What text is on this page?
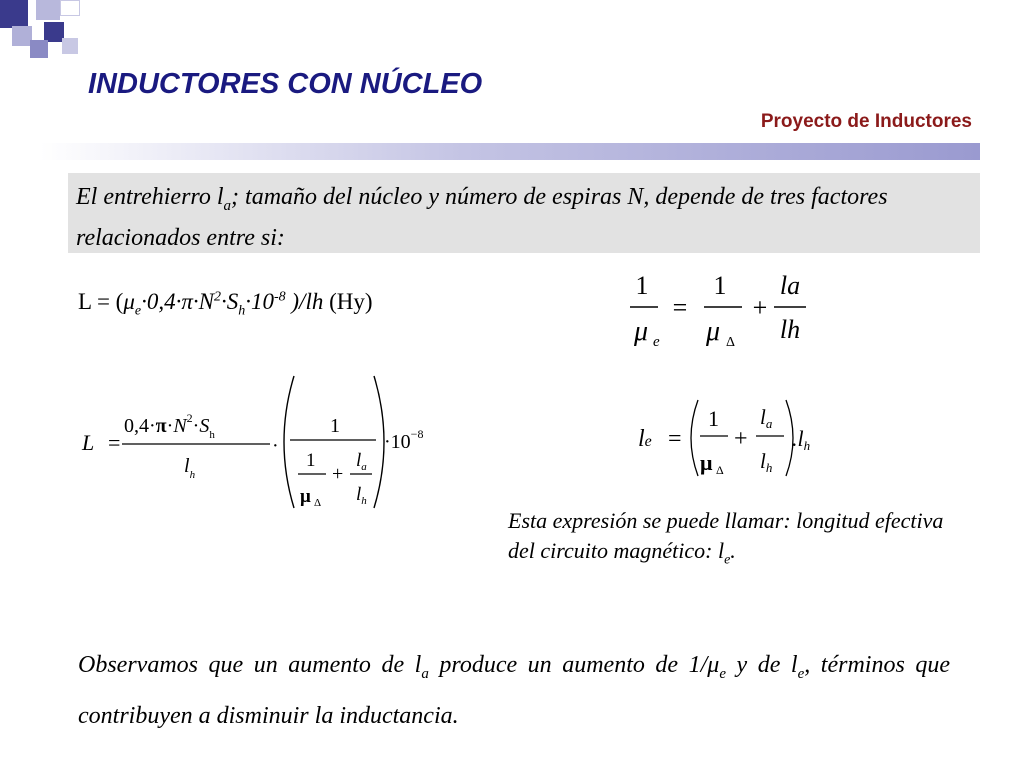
INDUCTORES CON NÚCLEO
Proyecto de Inductores
El entrehierro $l_a$; tamaño del núcleo y número de espiras N, depende de tres factores relacionados entre si:
$L = (\mu_e\cdot 0,4\cdot\pi\cdot N^2\cdot S_h\cdot 10^{-8}$ )/lh (Hy)
1
μ e
=
1
μ Δ
+
la
lh
L =
$0,4\cdot\pi\cdot N^2\cdot S_h$
$l_h$
·
1
1
μ Δ
+
$l_a$
$l_h$
$\cdot 10^{-8}$	le =
1
μ Δ
+
la
lh
.lh
Esta expresión se puede llamar: longitud efectiva del circuito magnético: $l_e$.
Observamos que un aumento de $l_a$ produce un aumento de $1/\mu_e$ y de $l_e$, términos que contribuyen a disminuir la inductancia.
